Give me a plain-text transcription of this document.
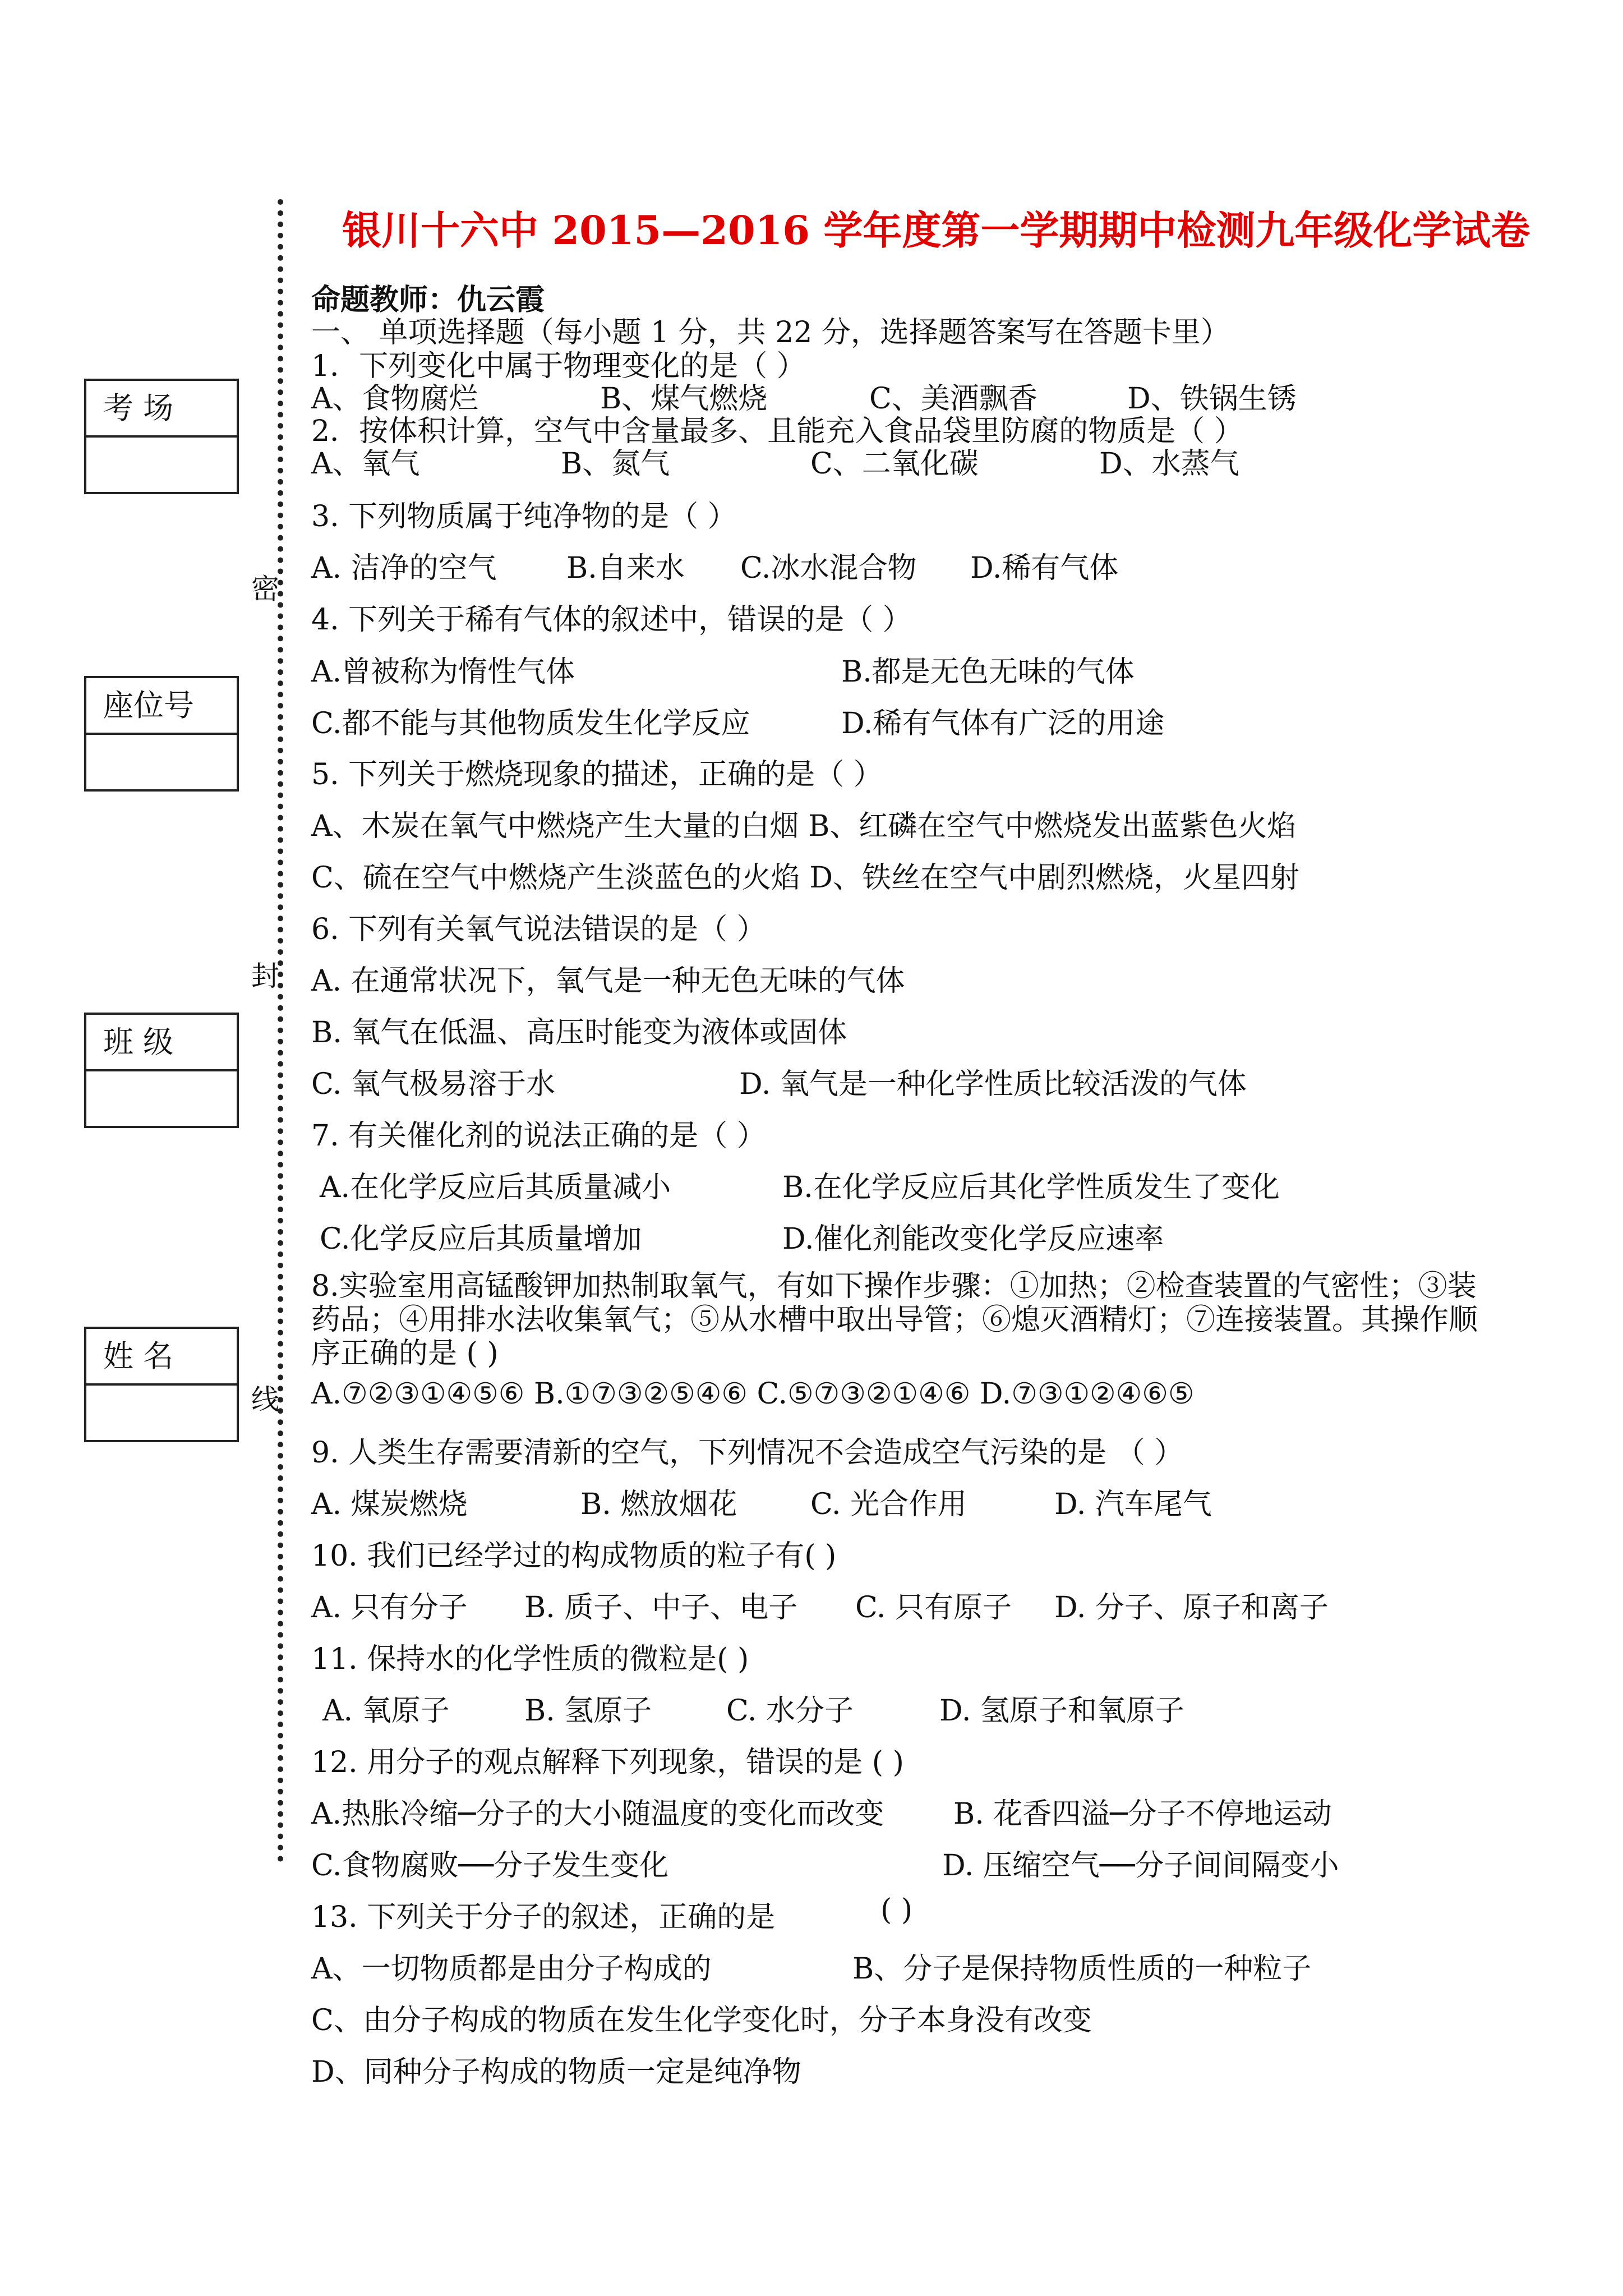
密
封
线
考 场
座位号
班 级
姓 名
银川十六中 2015—2016 学年度第一学期期中检测九年级化学试卷
命题教师：仇云霞
一、 单项选择题（每小题 1 分，共 22 分，选择题答案写在答题卡里）
1．下列变化中属于物理变化的是（ ）
A、食物腐烂	B、煤气燃烧	C、美酒飘香	D、铁锅生锈
2．按体积计算，空气中含量最多、且能充入食品袋里防腐的物质是（ ）
A、氧气	B、氮气	C、二氧化碳	D、水蒸气
3. 下列物质属于纯净物的是（ ）
A. 洁净的空气 B.自来水 C.冰水混合物 D.稀有气体
4. 下列关于稀有气体的叙述中，错误的是（ ）
A.曾被称为惰性气体	B.都是无色无味的气体
C.都不能与其他物质发生化学反应	D.稀有气体有广泛的用途
5. 下列关于燃烧现象的描述，正确的是（ ）
A、木炭在氧气中燃烧产生大量的白烟 B、红磷在空气中燃烧发出蓝紫色火焰
C、硫在空气中燃烧产生淡蓝色的火焰 D、铁丝在空气中剧烈燃烧，火星四射
6. 下列有关氧气说法错误的是（ ）
A. 在通常状况下，氧气是一种无色无味的气体
B. 氧气在低温、高压时能变为液体或固体
C. 氧气极易溶于水	D. 氧气是一种化学性质比较活泼的气体
7. 有关催化剂的说法正确的是（ ）
A.在化学反应后其质量减小	B.在化学反应后其化学性质发生了变化
C.化学反应后其质量增加	D.催化剂能改变化学反应速率
8.实验室用高锰酸钾加热制取氧气，有如下操作步骤：①加热；②检查装置的气密性；③装
药品；④用排水法收集氧气；⑤从水槽中取出导管；⑥熄灭酒精灯；⑦连接装置。其操作顺
序正确的是 ( )
A.⑦②③①④⑤⑥ B.①⑦③②⑤④⑥ C.⑤⑦③②①④⑥ D.⑦③①②④⑥⑤
9. 人类生存需要清新的空气，下列情况不会造成空气污染的是 （ ）
A. 煤炭燃烧	B. 燃放烟花	C. 光合作用	D. 汽车尾气
10. 我们已经学过的构成物质的粒子有( )
A. 只有分子 B. 质子、中子、电子 C. 只有原子 D. 分子、原子和离子
11. 保持水的化学性质的微粒是( )
A. 氧原子	B. 氢原子	C. 水分子	D. 氢原子和氧原子
12. 用分子的观点解释下列现象，错误的是 ( )
A.热胀冷缩─分子的大小随温度的变化而改变 B. 花香四溢─分子不停地运动
C.食物腐败──分子发生变化	D. 压缩空气──分子间间隔变小
13. 下列关于分子的叙述，正确的是	( )
A、一切物质都是由分子构成的	B、分子是保持物质性质的一种粒子
C、由分子构成的物质在发生化学变化时，分子本身没有改变
D、同种分子构成的物质一定是纯净物
